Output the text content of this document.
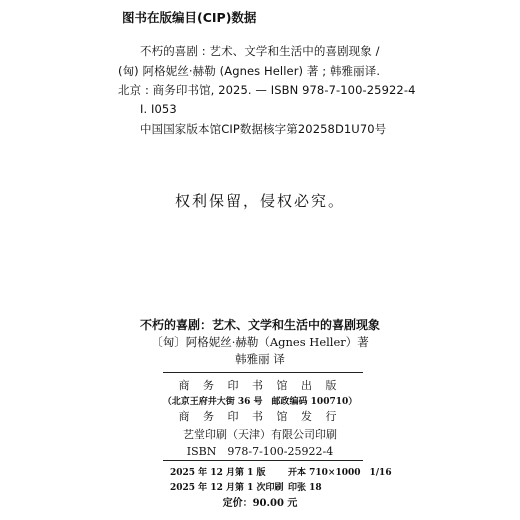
图书在版编目(CIP)数据
不朽的喜剧 : 艺术、文学和生活中的喜剧现象 /
(匈) 阿格妮丝·赫勒 (Agnes Heller) 著 ; 韩雅丽译.
北京 : 商务印书馆, 2025. — ISBN 978-7-100-25922-4
Ⅰ. I053
中国国家版本馆CIP数据核字第20258D1U70号
权利保留，侵权必究。
不朽的喜剧：艺术、文学和生活中的喜剧现象
〔匈〕阿格妮丝·赫勒（Agnes Heller）著
韩雅丽 译
商 务 印 书 馆 出 版
（北京王府井大街 36 号　邮政编码 100710）
商 务 印 书 馆 发 行
艺堂印刷（天津）有限公司印刷
ISBN　978-7-100-25922-4
2025 年 12 月第 1 版 开本 710×1000　1/16
2025 年 12 月第 1 次印刷 印张 18
定价：90.00 元
